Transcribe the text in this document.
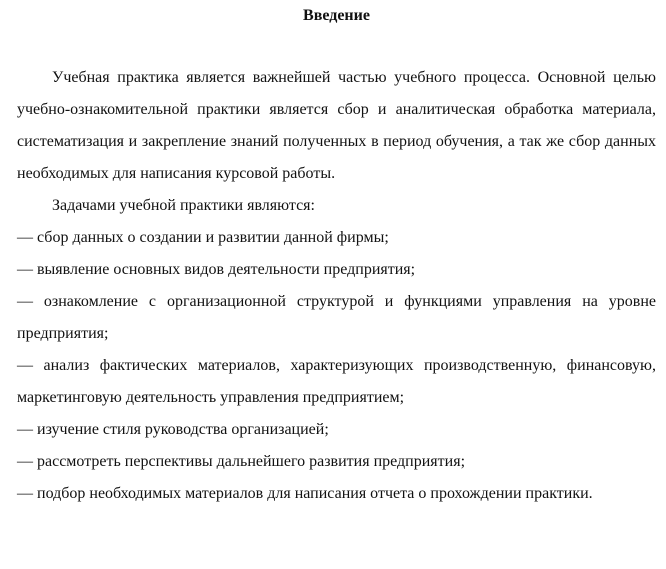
Введение

Учебная практика является важнейшей частью учебного процесса. Основной целью учебно-ознакомительной практики является сбор и аналитическая обработка материала, систематизация и закрепление знаний полученных в период обучения, а так же сбор данных необходимых для написания курсовой работы.

Задачами учебной практики являются:

— сбор данных о создании и развитии данной фирмы;
— выявление основных видов деятельности предприятия;
— ознакомление с организационной структурой и функциями управления на уровне предприятия;
— анализ фактических материалов, характеризующих производственную, финансовую, маркетинговую деятельность управления предприятием;
— изучение стиля руководства организацией;
— рассмотреть перспективы дальнейшего развития предприятия;
— подбор необходимых материалов для написания отчета о прохождении практики.
